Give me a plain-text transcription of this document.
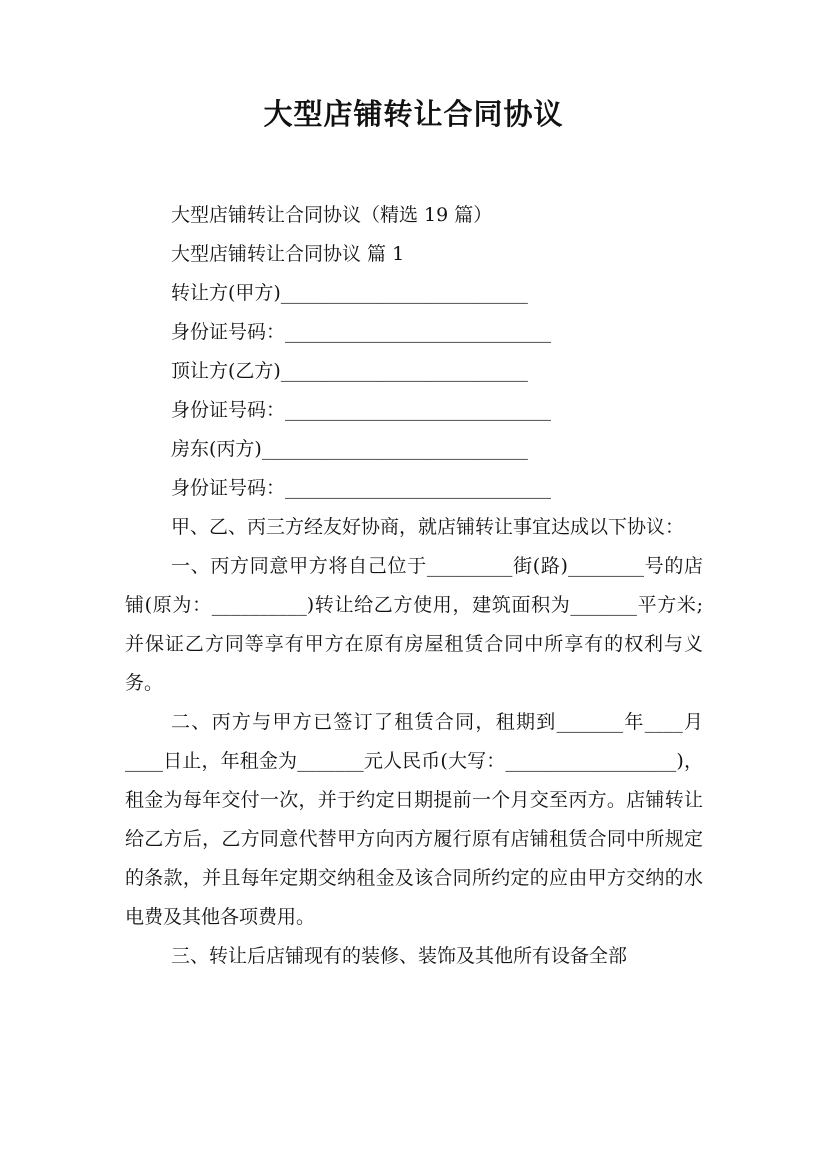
大型店铺转让合同协议

大型店铺转让合同协议（精选 19 篇）

大型店铺转让合同协议 篇 1

转让方(甲方)__________________________

身份证号码：____________________________

顶让方(乙方)__________________________

身份证号码：____________________________

房东(丙方)____________________________

身份证号码：____________________________

甲、乙、丙三方经友好协商，就店铺转让事宜达成以下协议：

一、丙方同意甲方将自己位于_________街(路)________号的店铺(原为：__________)转让给乙方使用，建筑面积为_______平方米;并保证乙方同等享有甲方在原有房屋租赁合同中所享有的权利与义务。

二、丙方与甲方已签订了租赁合同，租期到_______年____月____日止，年租金为_______元人民币(大写：__________________)，租金为每年交付一次，并于约定日期提前一个月交至丙方。店铺转让给乙方后，乙方同意代替甲方向丙方履行原有店铺租赁合同中所规定的条款，并且每年定期交纳租金及该合同所约定的应由甲方交纳的水电费及其他各项费用。

三、转让后店铺现有的装修、装饰及其他所有设备全部
